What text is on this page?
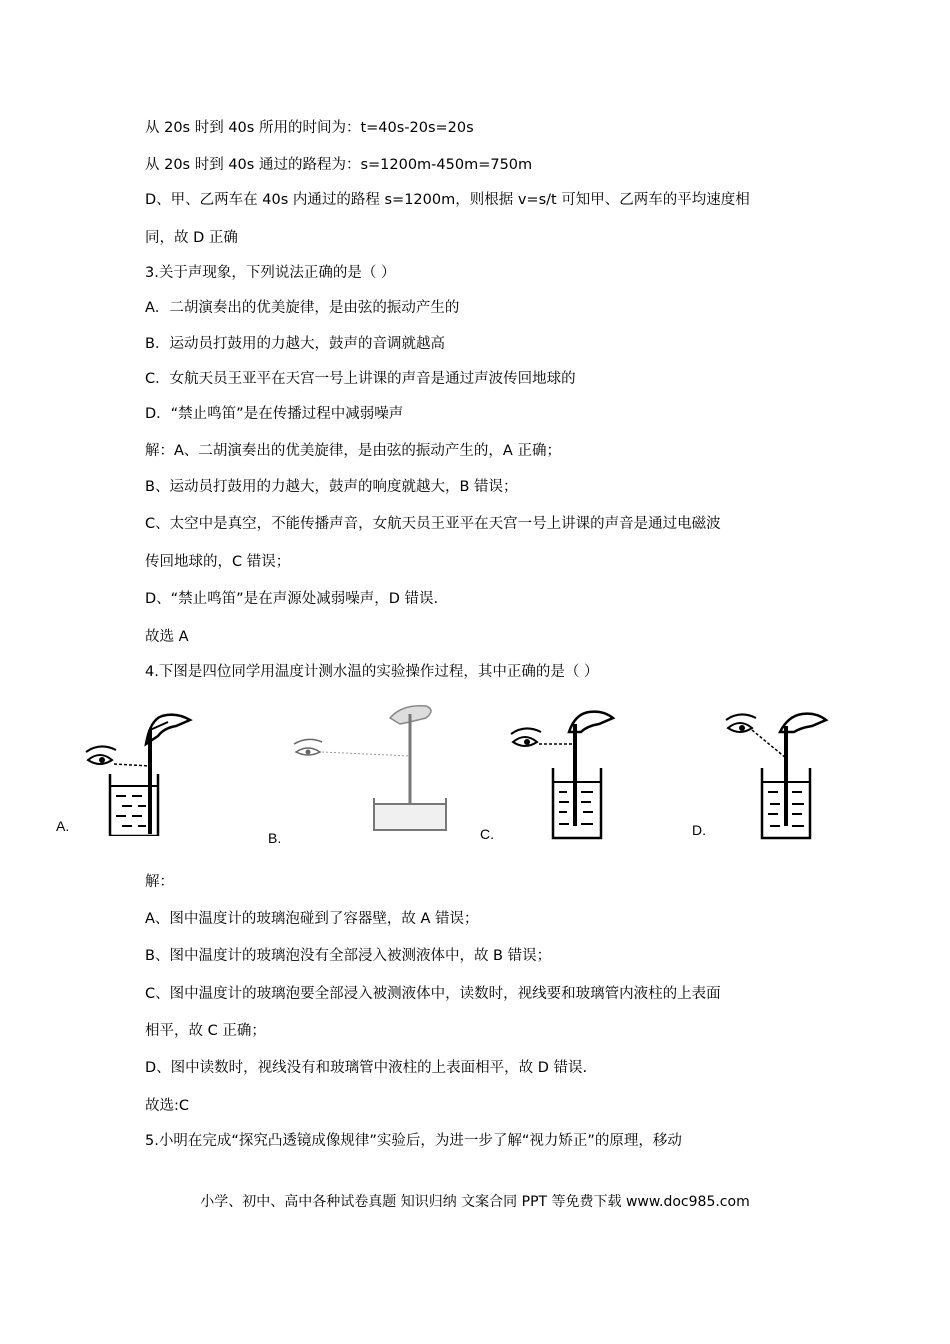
从 20s 时到 40s 所用的时间为：t=40s-20s=20s
从 20s 时到 40s 通过的路程为：s=1200m-450m=750m
D、甲、乙两车在 40s 内通过的路程 s=1200m，则根据 v=s/t 可知甲、乙两车的平均速度相
同，故 D 正确
3.关于声现象，下列说法正确的是（ ）
A．二胡演奏出的优美旋律，是由弦的振动产生的
B．运动员打鼓用的力越大，鼓声的音调就越高
C．女航天员王亚平在天宫一号上讲课的声音是通过声波传回地球的
D．“禁止鸣笛”是在传播过程中减弱噪声
解：A、二胡演奏出的优美旋律，是由弦的振动产生的，A 正确；
B、运动员打鼓用的力越大，鼓声的响度就越大，B 错误；
C、太空中是真空，不能传播声音，女航天员王亚平在天宫一号上讲课的声音是通过电磁波
传回地球的，C 错误；
D、“禁止鸣笛”是在声源处减弱噪声，D 错误.
故选 A
4.下图是四位同学用温度计测水温的实验操作过程，其中正确的是（ ）
A.
B.	C.	D.
解：
A、图中温度计的玻璃泡碰到了容器壁，故 A 错误；
B、图中温度计的玻璃泡没有全部浸入被测液体中，故 B 错误；
C、图中温度计的玻璃泡要全部浸入被测液体中，读数时，视线要和玻璃管内液柱的上表面
相平，故 C 正确；
D、图中读数时，视线没有和玻璃管中液柱的上表面相平，故 D 错误.
故选:C
5.小明在完成“探究凸透镜成像规律”实验后，为进一步了解“视力矫正”的原理，移动
小学、初中、高中各种试卷真题 知识归纳 文案合同 PPT 等免费下载 www.doc985.com
